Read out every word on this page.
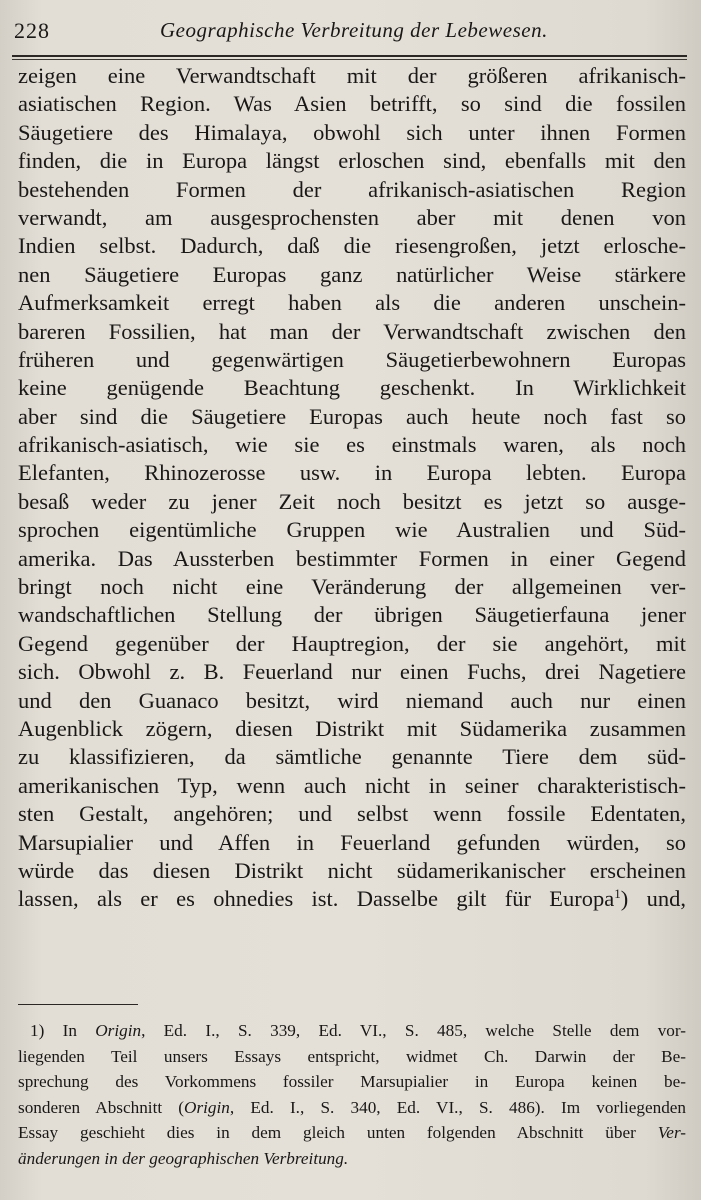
228	Geographische Verbreitung der Lebewesen.
zeigen eine Verwandtschaft mit der größeren afrikanisch-
asiatischen Region. Was Asien betrifft, so sind die fossilen
Säugetiere des Himalaya, obwohl sich unter ihnen Formen
finden, die in Europa längst erloschen sind, ebenfalls mit den
bestehenden Formen der afrikanisch-asiatischen Region
verwandt, am ausgesprochensten aber mit denen von
Indien selbst. Dadurch, daß die riesengroßen, jetzt erlosche-
nen Säugetiere Europas ganz natürlicher Weise stärkere
Aufmerksamkeit erregt haben als die anderen unschein-
bareren Fossilien, hat man der Verwandtschaft zwischen den
früheren und gegenwärtigen Säugetierbewohnern Europas
keine genügende Beachtung geschenkt. In Wirklichkeit
aber sind die Säugetiere Europas auch heute noch fast so
afrikanisch-asiatisch, wie sie es einstmals waren, als noch
Elefanten, Rhinozerosse usw. in Europa lebten. Europa
besaß weder zu jener Zeit noch besitzt es jetzt so ausge-
sprochen eigentümliche Gruppen wie Australien und Süd-
amerika. Das Aussterben bestimmter Formen in einer Gegend
bringt noch nicht eine Veränderung der allgemeinen ver-
wandschaftlichen Stellung der übrigen Säugetierfauna jener
Gegend gegenüber der Hauptregion, der sie angehört, mit
sich. Obwohl z. B. Feuerland nur einen Fuchs, drei Nagetiere
und den Guanaco besitzt, wird niemand auch nur einen
Augenblick zögern, diesen Distrikt mit Südamerika zusammen
zu klassifizieren, da sämtliche genannte Tiere dem süd-
amerikanischen Typ, wenn auch nicht in seiner charakteristisch-
sten Gestalt, angehören; und selbst wenn fossile Edentaten,
Marsupialier und Affen in Feuerland gefunden würden, so
würde das diesen Distrikt nicht südamerikanischer erscheinen
lassen, als er es ohnedies ist. Dasselbe gilt für Europa$^1$) und,
1) In Origin, Ed. I., S. 339, Ed. VI., S. 485, welche Stelle dem vor-
liegenden Teil unsers Essays entspricht, widmet Ch. Darwin der Be-
sprechung des Vorkommens fossiler Marsupialier in Europa keinen be-
sonderen Abschnitt (Origin, Ed. I., S. 340, Ed. VI., S. 486). Im vorliegenden
Essay geschieht dies in dem gleich unten folgenden Abschnitt über Ver-
änderungen in der geographischen Verbreitung.
